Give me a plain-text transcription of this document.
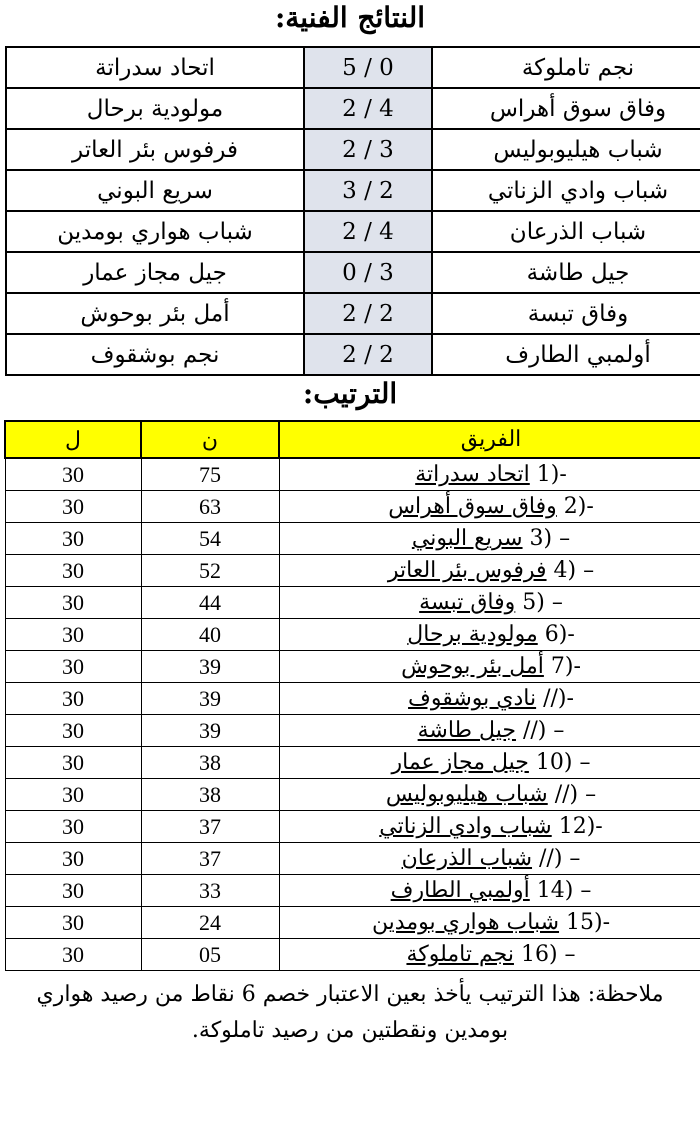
النتائج الفنية:
اتحاد سدراتة	5 / 0	نجم تاملوكة
مولودية برحال	2 / 4	وفاق سوق أهراس
فرفوس بئر العاتر	2 / 3	شباب هيليوبوليس
سريع البوني	3 / 2	شباب وادي الزناتي
شباب هواري بومدين	2 / 4	شباب الذرعان
جيل مجاز عمار	0 / 3	جيل طاشة
أمل بئر بوحوش	2 / 2	وفاق تبسة
نجم بوشقوف	2 / 2	أولمبي الطارف
الترتيب:
ل	ن	الفريق
30	75	1)- اتحاد سدراتة
30	63	2)- وفاق سوق أهراس
30	54	3) – سريع البوني
30	52	4) – فرفوس بئر العاتر
30	44	5) – وفاق تبسة
30	40	6)- مولودية برحال
30	39	7)- أمل بئر بوحوش
30	39	//)- نادي بوشقوف
30	39	//) – جيل طاشة
30	38	10) – جيل مجاز عمار
30	38	//) – شباب هيليوبوليس
30	37	12)- شباب وادي الزناتي
30	37	//) – شباب الذرعان
30	33	14) – أولمبي الطارف
30	24	15)- شباب هواري بومدين
30	05	16) – نجم تاملوكة
ملاحظة: هذا الترتيب يأخذ بعين الاعتبار خصم 6 نقاط من رصيد هواري بومدين ونقطتين من رصيد تاملوكة.
